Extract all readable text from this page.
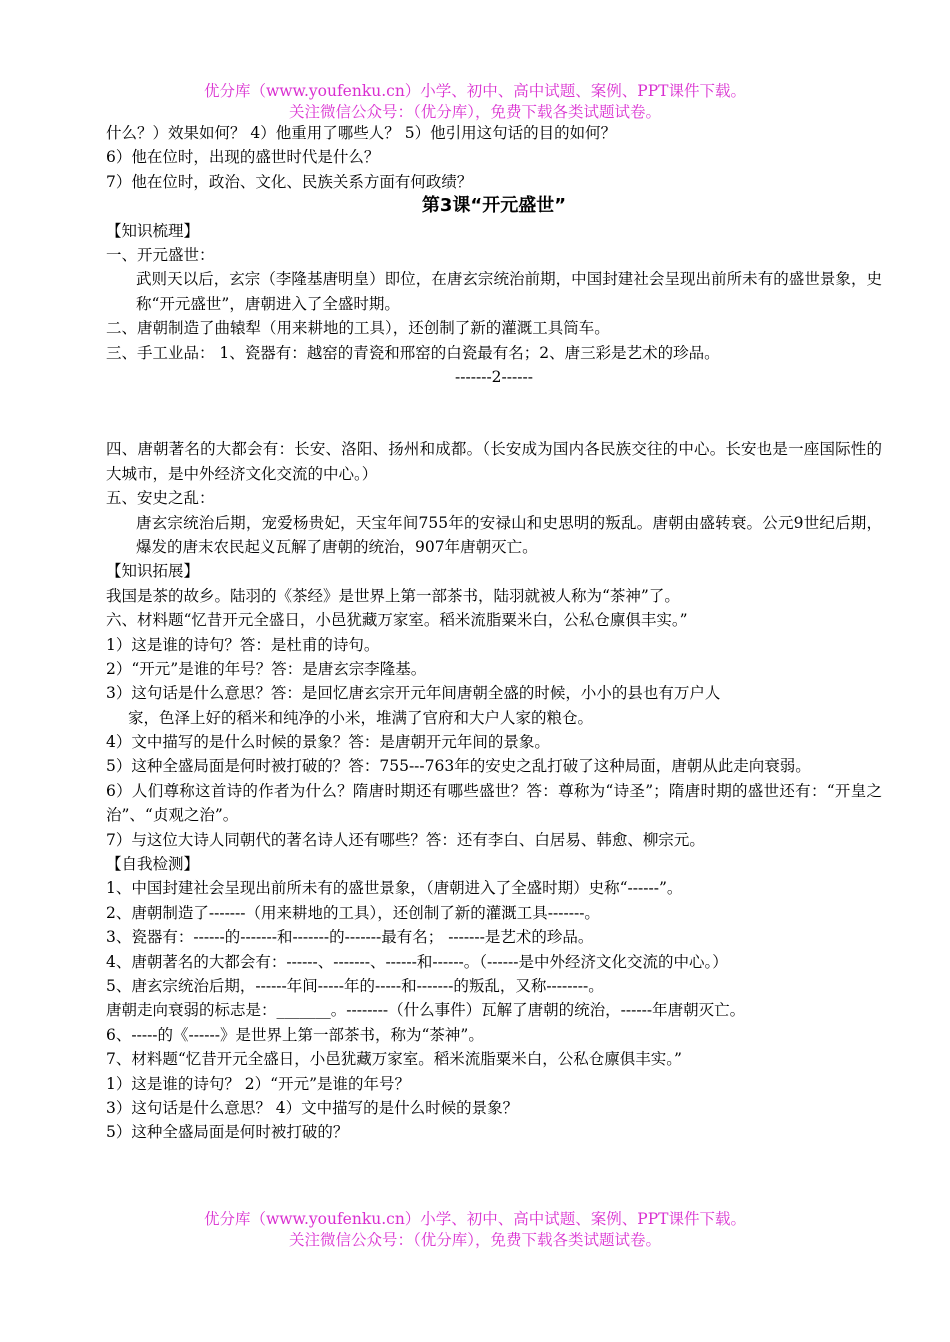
优分库（www.youfenku.cn）小学、初中、高中试题、案例、PPT课件下载。
关注微信公众号：（优分库），免费下载各类试题试卷。
什么？）效果如何？ 4）他重用了哪些人？ 5）他引用这句话的目的如何？
6）他在位时，出现的盛世时代是什么？
7）他在位时，政治、文化、民族关系方面有何政绩？
第3课“开元盛世”
【知识梳理】
一、开元盛世：
武则天以后，玄宗（李隆基唐明皇）即位，在唐玄宗统治前期，中国封建社会呈现出前所未有的盛世景象，史称“开元盛世”，唐朝进入了全盛时期。
二、唐朝制造了曲辕犁（用来耕地的工具），还创制了新的灌溉工具筒车。
三、手工业品： 1、瓷器有：越窑的青瓷和邢窑的白瓷最有名；2、唐三彩是艺术的珍品。
-------2------
四、唐朝著名的大都会有：长安、洛阳、扬州和成都。（长安成为国内各民族交往的中心。长安也是一座国际性的大城市，是中外经济文化交流的中心。）
五、安史之乱：
唐玄宗统治后期，宠爱杨贵妃，天宝年间755年的安禄山和史思明的叛乱。唐朝由盛转衰。公元9世纪后期，爆发的唐末农民起义瓦解了唐朝的统治，907年唐朝灭亡。
【知识拓展】
我国是茶的故乡。陆羽的《茶经》是世界上第一部茶书，陆羽就被人称为“茶神”了。
六、材料题“忆昔开元全盛日，小邑犹藏万家室。稻米流脂粟米白，公私仓廪俱丰实。”
1）这是谁的诗句？答：是杜甫的诗句。
2）“开元”是谁的年号？答：是唐玄宗李隆基。
3）这句话是什么意思？答：是回忆唐玄宗开元年间唐朝全盛的时候，小小的县也有万户人
家，色泽上好的稻米和纯净的小米，堆满了官府和大户人家的粮仓。
4）文中描写的是什么时候的景象？答：是唐朝开元年间的景象。
5）这种全盛局面是何时被打破的？答：755---763年的安史之乱打破了这种局面，唐朝从此走向衰弱。
6）人们尊称这首诗的作者为什么？隋唐时期还有哪些盛世？答：尊称为“诗圣”；隋唐时期的盛世还有：“开皇之治”、“贞观之治”。
7）与这位大诗人同朝代的著名诗人还有哪些？答：还有李白、白居易、韩愈、柳宗元。
【自我检测】
1、中国封建社会呈现出前所未有的盛世景象，（唐朝进入了全盛时期）史称“------”。
2、唐朝制造了-------（用来耕地的工具），还创制了新的灌溉工具-------。
3、瓷器有：------的-------和-------的-------最有名； -------是艺术的珍品。
4、唐朝著名的大都会有：------、-------、------和------。（------是中外经济文化交流的中心。）
5、唐玄宗统治后期，------年间-----年的-----和-------的叛乱，又称--------。
唐朝走向衰弱的标志是：_______。--------（什么事件）瓦解了唐朝的统治，------年唐朝灭亡。
6、-----的《------》是世界上第一部茶书，称为“茶神”。
7、材料题“忆昔开元全盛日，小邑犹藏万家室。稻米流脂粟米白，公私仓廪俱丰实。”
1）这是谁的诗句？ 2）“开元”是谁的年号？
3）这句话是什么意思？ 4）文中描写的是什么时候的景象？
5）这种全盛局面是何时被打破的？
优分库（www.youfenku.cn）小学、初中、高中试题、案例、PPT课件下载。
关注微信公众号：（优分库），免费下载各类试题试卷。
